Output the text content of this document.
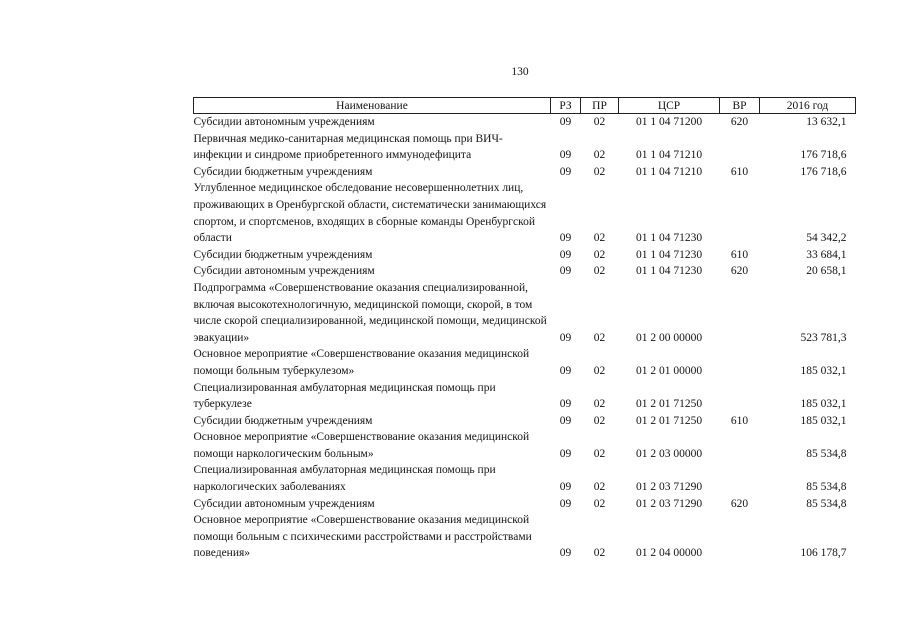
130
Наименование	РЗ	ПР	ЦСР	ВР	2016 год
Субсидии автономным учреждениям	09	02	01 1 04 71200	620	13 632,1
Первичная медико-санитарная медицинская помощь при ВИЧ-инфекции и синдроме приобретенного иммунодефицита	09	02	01 1 04 71210		176 718,6
Субсидии бюджетным учреждениям	09	02	01 1 04 71210	610	176 718,6
Углубленное медицинское обследование несовершеннолетних лиц, проживающих в Оренбургской области, систематически занимающихся спортом, и спортсменов, входящих в сборные команды Оренбургской области	09	02	01 1 04 71230		54 342,2
Субсидии бюджетным учреждениям	09	02	01 1 04 71230	610	33 684,1
Субсидии автономным учреждениям	09	02	01 1 04 71230	620	20 658,1
Подпрограмма «Совершенствование оказания специализированной, включая высокотехнологичную, медицинской помощи, скорой, в том числе скорой специализированной, медицинской помощи, медицинской эвакуации»	09	02	01 2 00 00000		523 781,3
Основное мероприятие «Совершенствование оказания медицинской помощи больным туберкулезом»	09	02	01 2 01 00000		185 032,1
Специализированная амбулаторная медицинская помощь при туберкулезе	09	02	01 2 01 71250		185 032,1
Субсидии бюджетным учреждениям	09	02	01 2 01 71250	610	185 032,1
Основное мероприятие «Совершенствование оказания медицинской помощи наркологическим больным»	09	02	01 2 03 00000		85 534,8
Специализированная амбулаторная медицинская помощь при наркологических заболеваниях	09	02	01 2 03 71290		85 534,8
Субсидии автономным учреждениям	09	02	01 2 03 71290	620	85 534,8
Основное мероприятие «Совершенствование оказания медицинской помощи больным с психическими расстройствами и расстройствами поведения»	09	02	01 2 04 00000		106 178,7
